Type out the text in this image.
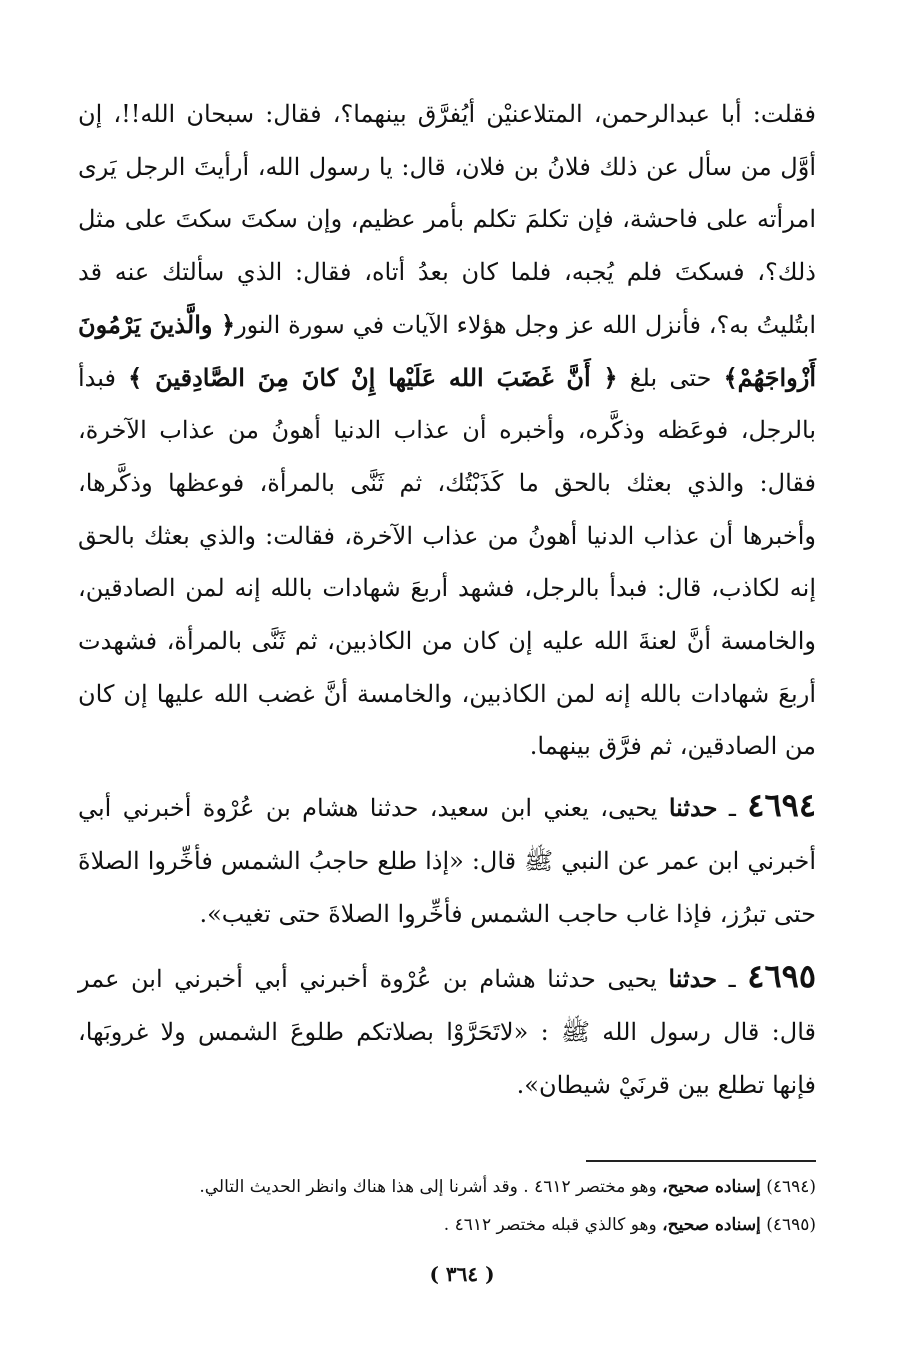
فقلت: أبا عبدالرحمن، المتلاعنيْن أيُفرَّق بينهما؟، فقال: سبحان الله!!، إن أوَّل من سأل عن ذلك فلانُ بن فلان، قال: يا رسول الله، أرأيتَ الرجل يَرى امرأته على فاحشة، فإن تكلمَ تكلم بأمر عظيم، وإن سكتَ سكتَ على مثل ذلك؟، فسكتَ فلم يُجبه، فلما كان بعدُ أتاه، فقال: الذي سألتك عنه قد ابتُليتُ به؟، فأنزل الله عز وجل هؤلاء الآيات في سورة النور﴿ والَّذينَ يَرْمُونَ أَزْواجَهُمْ﴾ حتى بلغ ﴿ أَنَّ غَضَبَ الله عَلَيْها إِنْ كانَ مِنَ الصَّادِقينَ ﴾ فبدأ بالرجل، فوعَظه وذكَّره، وأخبره أن عذاب الدنيا أهونُ من عذاب الآخرة، فقال: والذي بعثك بالحق ما كَذَبْتُك، ثم ثَنَّى بالمرأة، فوعظها وذكَّرها، وأخبرها أن عذاب الدنيا أهونُ من عذاب الآخرة، فقالت: والذي بعثك بالحق إنه لكاذب، قال: فبدأ بالرجل، فشهد أربعَ شهادات بالله إنه لمن الصادقين، والخامسة أنَّ لعنةَ الله عليه إن كان من الكاذبين، ثم ثَنَّى بالمرأة، فشهدت أربعَ شهادات بالله إنه لمن الكاذبين، والخامسة أنَّ غضب الله عليها إن كان من الصادقين، ثم فرَّق بينهما.

٤٦٩٤ ـ حدثنا يحيى، يعني ابن سعيد، حدثنا هشام بن عُرْوة أخبرني أبي أخبرني ابن عمر عن النبي ﷺ قال: «إذا طلع حاجبُ الشمس فأخِّروا الصلاةَ حتى تبرُز، فإذا غاب حاجب الشمس فأخِّروا الصلاةَ حتى تغيب».

٤٦٩٥ ـ حدثنا يحيى حدثنا هشام بن عُرْوة أخبرني أبي أخبرني ابن عمر قال: قال رسول الله ﷺ : «لاتَحَرَّوْا بصلاتكم طلوعَ الشمس ولا غروبَها، فإنها تطلع بين قرنَيْ شيطان».

(٤٦٩٤) إسناده صحيح، وهو مختصر ٤٦١٢ . وقد أشرنا إلى هذا هناك وانظر الحديث التالي.

(٤٦٩٥) إسناده صحيح، وهو كالذي قبله مختصر ٤٦١٢ .

( ٣٦٤ )
